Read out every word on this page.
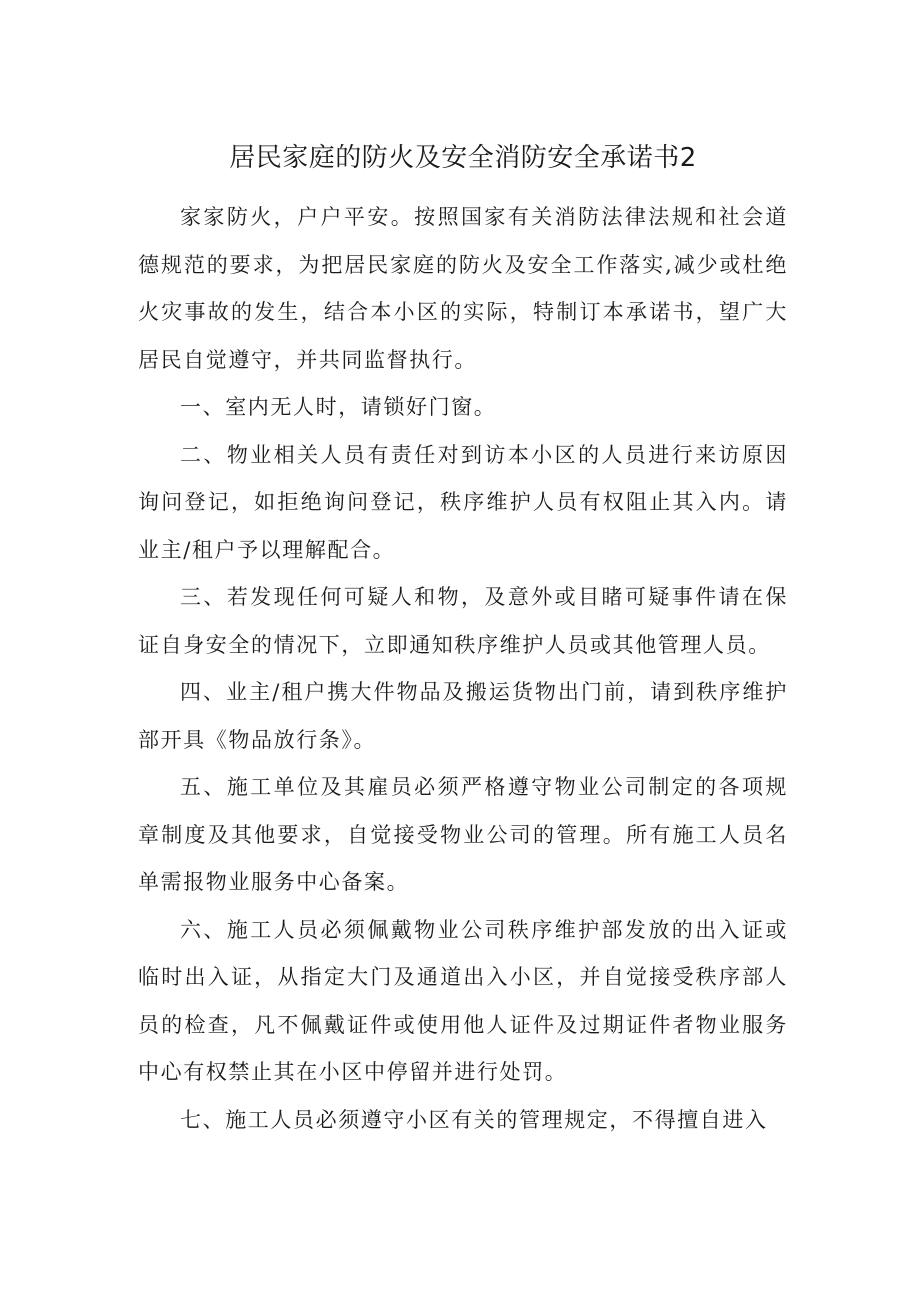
居民家庭的防火及安全消防安全承诺书2

家家防火，户户平安。按照国家有关消防法律法规和社会道德规范的要求，为把居民家庭的防火及安全工作落实,减少或杜绝火灾事故的发生，结合本小区的实际，特制订本承诺书，望广大居民自觉遵守，并共同监督执行。

一、室内无人时，请锁好门窗。

二、物业相关人员有责任对到访本小区的人员进行来访原因询问登记，如拒绝询问登记，秩序维护人员有权阻止其入内。请业主/租户予以理解配合。

三、若发现任何可疑人和物，及意外或目睹可疑事件请在保证自身安全的情况下，立即通知秩序维护人员或其他管理人员。

四、业主/租户携大件物品及搬运货物出门前，请到秩序维护部开具《物品放行条》。

五、施工单位及其雇员必须严格遵守物业公司制定的各项规章制度及其他要求，自觉接受物业公司的管理。所有施工人员名单需报物业服务中心备案。

六、施工人员必须佩戴物业公司秩序维护部发放的出入证或临时出入证，从指定大门及通道出入小区，并自觉接受秩序部人员的检查，凡不佩戴证件或使用他人证件及过期证件者物业服务中心有权禁止其在小区中停留并进行处罚。

七、施工人员必须遵守小区有关的管理规定，不得擅自进入
